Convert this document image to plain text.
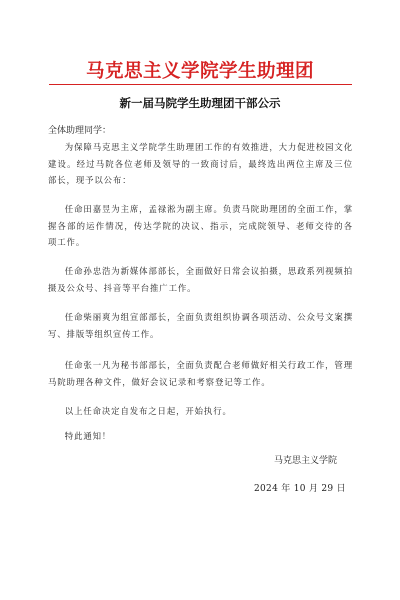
马克思主义学院学生助理团
新一届马院学生助理团干部公示
全体助理同学：

为保障马克思主义学院学生助理团工作的有效推进，大力促进校园文化建设。经过马院各位老师及领导的一致商讨后，最终选出两位主席及三位部长，现予以公布：

任命田嘉昱为主席，孟禄淞为副主席。负责马院助理团的全面工作，掌握各部的运作情况，传达学院的决议、指示，完成院领导、老师交待的各项工作。

任命孙忠浩为新媒体部部长，全面做好日常会议拍摄，思政系列视频拍摄及公众号、抖音等平台推广工作。

任命柴丽爽为组宣部部长，全面负责组织协调各项活动、公众号文案撰写、排版等组织宣传工作。

任命张一凡为秘书部部长，全面负责配合老师做好相关行政工作，管理马院助理各种文件，做好会议记录和考察登记等工作。

以上任命决定自发布之日起，开始执行。

特此通知！

马克思主义学院
2024 年 10 月 29 日
